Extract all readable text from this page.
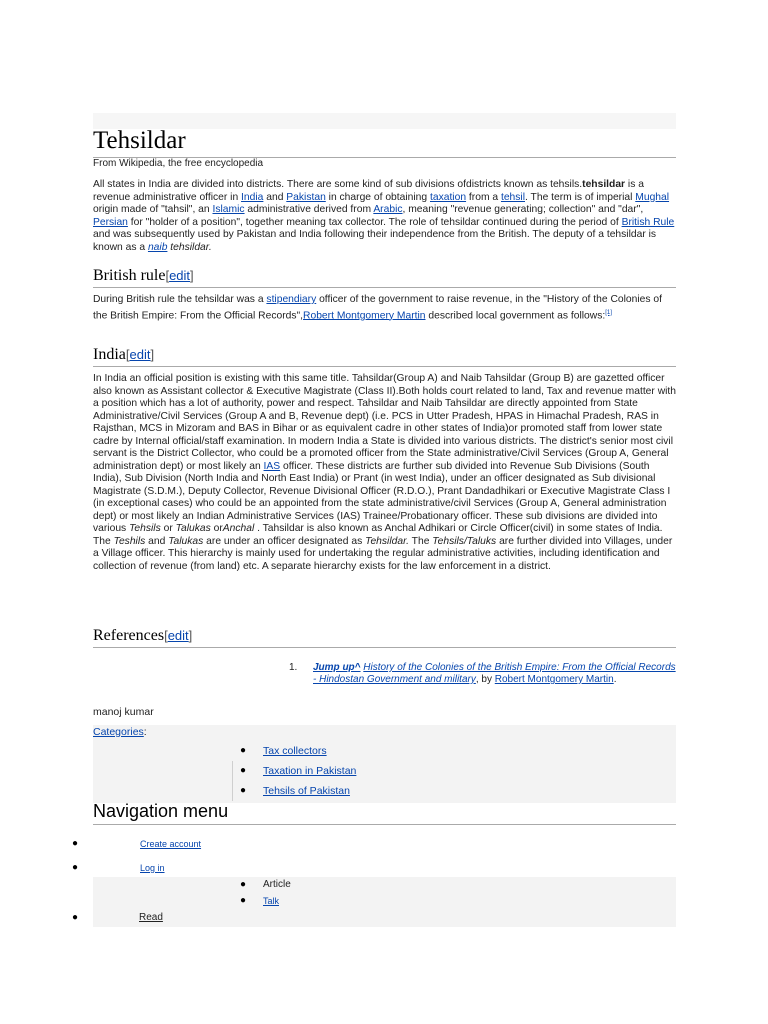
Tehsildar
From Wikipedia, the free encyclopedia

All states in India are divided into districts. There are some kind of sub divisions ofdistricts known as tehsils.tehsildar is a revenue administrative officer in India and Pakistan in charge of obtaining taxation from a tehsil. The term is of imperial Mughal origin made of "tahsil", an Islamic administrative derived from Arabic, meaning "revenue generating; collection" and "dar", Persian for "holder of a position", together meaning tax collector. The role of tehsildar continued during the period of British Rule and was subsequently used by Pakistan and India following their independence from the British. The deputy of a tehsildar is known as a naib tehsildar.

British rule[edit]

During British rule the tehsildar was a stipendiary officer of the government to raise revenue, in the "History of the Colonies of the British Empire: From the Official Records",Robert Montgomery Martin described local government as follows:[1]

India[edit]

In India an official position is existing with this same title. Tahsildar(Group A) and Naib Tahsildar (Group B) are gazetted officer also known as Assistant collector & Executive Magistrate (Class II).Both holds court related to land, Tax and revenue matter with a position which has a lot of authority, power and respect. Tahsildar and Naib Tahsildar are directly appointed from State Administrative/Civil Services (Group A and B, Revenue dept) (i.e. PCS in Utter Pradesh, HPAS in Himachal Pradesh, RAS in Rajsthan, MCS in Mizoram and BAS in Bihar or as equivalent cadre in other states of India)or promoted staff from lower state cadre by Internal official/staff examination. In modern India a State is divided into various districts. The district's senior most civil servant is the District Collector, who could be a promoted officer from the State administrative/Civil Services (Group A, General administration dept) or most likely an IAS officer. These districts are further sub divided into Revenue Sub Divisions (South India), Sub Division (North India and North East India) or Prant (in west India), under an officer designated as Sub divisional Magistrate (S.D.M.), Deputy Collector, Revenue Divisional Officer (R.D.O.), Prant Dandadhikari or Executive Magistrate Class I (in exceptional cases) who could be an appointed from the state administrative/civil Services (Group A, General administration dept) or most likely an Indian Administrative Services (IAS) Trainee/Probationary officer. These sub divisions are divided into various Tehsils or Talukas orAnchal . Tahsildar is also known as Anchal Adhikari or Circle Officer(civil) in some states of India. The Teshils and Talukas are under an officer designated as Tehsildar. The Tehsils/Taluks are further divided into Villages, under a Village officer. This hierarchy is mainly used for undertaking the regular administrative activities, including identification and collection of revenue (from land) etc. A separate hierarchy exists for the law enforcement in a district.

References[edit]
1. Jump up^ History of the Colonies of the British Empire: From the Official Records - Hindostan Government and military, by Robert Montgomery Martin.
manoj kumar
Categories:
● Tax collectors
● Taxation in Pakistan
● Tehsils of Pakistan
Navigation menu
●	Create account
●	Log in
● Article
● Talk
●	Read
